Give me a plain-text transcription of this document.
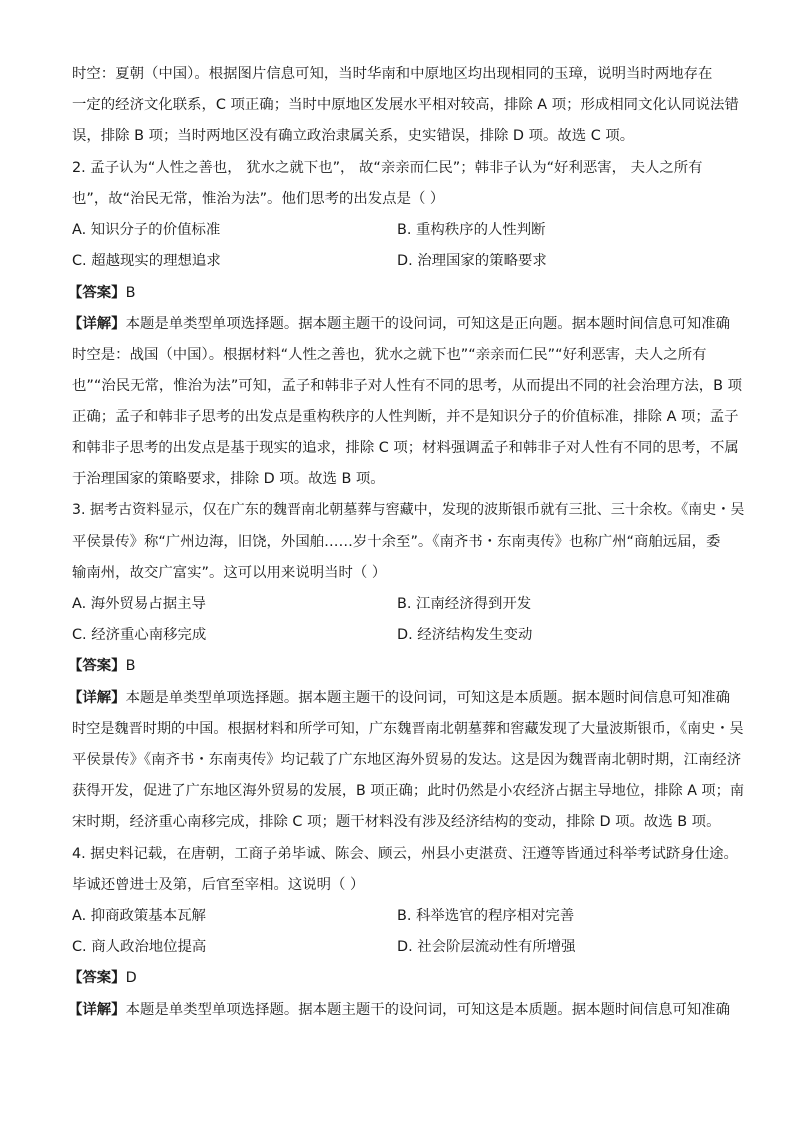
时空：夏朝（中国）。根据图片信息可知，当时华南和中原地区均出现相同的玉璋，说明当时两地存在
一定的经济文化联系，C 项正确；当时中原地区发展水平相对较高，排除 A 项；形成相同文化认同说法错
误，排除 B 项；当时两地区没有确立政治隶属关系，史实错误，排除 D 项。故选 C 项。
2. 孟子认为“人性之善也， 犹水之就下也”， 故“亲亲而仁民”；韩非子认为“好利恶害， 夫人之所有
也”，故“治民无常，惟治为法”。他们思考的出发点是（ ）
A. 知识分子的价值标准	B. 重构秩序的人性判断
C. 超越现实的理想追求	D. 治理国家的策略要求
【答案】B
【详解】本题是单类型单项选择题。据本题主题干的设问词，可知这是正向题。据本题时间信息可知准确
时空是：战国（中国）。根据材料“人性之善也，犹水之就下也”“亲亲而仁民”“好利恶害，夫人之所有
也”“治民无常，惟治为法”可知，孟子和韩非子对人性有不同的思考，从而提出不同的社会治理方法，B 项
正确；孟子和韩非子思考的出发点是重构秩序的人性判断，并不是知识分子的价值标准，排除 A 项；孟子
和韩非子思考的出发点是基于现实的追求，排除 C 项；材料强调孟子和韩非子对人性有不同的思考，不属
于治理国家的策略要求，排除 D 项。故选 B 项。
3. 据考古资料显示，仅在广东的魏晋南北朝墓葬与窖藏中，发现的波斯银币就有三批、三十余枚。《南史・吴
平侯景传》称“广州边海，旧饶，外国舶……岁十余至”。《南齐书・东南夷传》也称广州“商舶远届，委
输南州，故交广富实”。这可以用来说明当时（ ）
A. 海外贸易占据主导	B. 江南经济得到开发
C. 经济重心南移完成	D. 经济结构发生变动
【答案】B
【详解】本题是单类型单项选择题。据本题主题干的设问词，可知这是本质题。据本题时间信息可知准确
时空是魏晋时期的中国。根据材料和所学可知，广东魏晋南北朝墓葬和窖藏发现了大量波斯银币，《南史・吴
平侯景传》《南齐书・东南夷传》均记载了广东地区海外贸易的发达。这是因为魏晋南北朝时期，江南经济
获得开发，促进了广东地区海外贸易的发展，B 项正确；此时仍然是小农经济占据主导地位，排除 A 项；南
宋时期，经济重心南移完成，排除 C 项；题干材料没有涉及经济结构的变动，排除 D 项。故选 B 项。
4. 据史料记载，在唐朝，工商子弟毕诚、陈会、顾云，州县小吏湛贲、汪遵等皆通过科举考试跻身仕途。
毕诚还曾进士及第，后官至宰相。这说明（ ）
A. 抑商政策基本瓦解	B. 科举选官的程序相对完善
C. 商人政治地位提高	D. 社会阶层流动性有所增强
【答案】D
【详解】本题是单类型单项选择题。据本题主题干的设问词，可知这是本质题。据本题时间信息可知准确
